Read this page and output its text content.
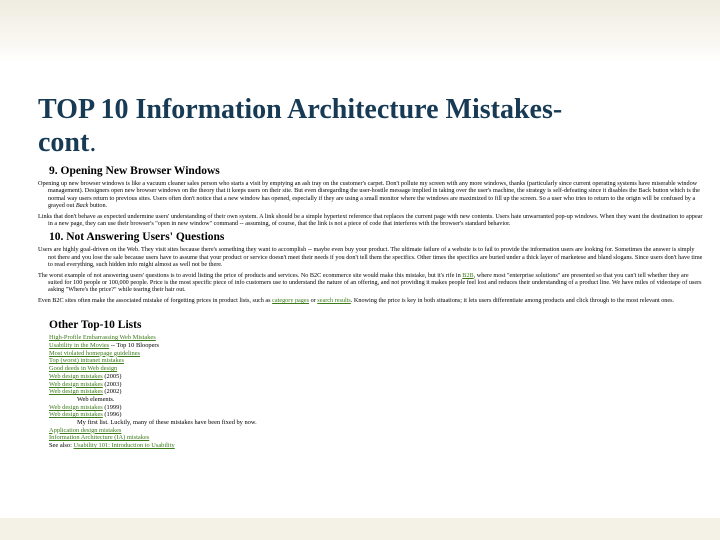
TOP 10 Information Architecture Mistakes-
cont.
9. Opening New Browser Windows

Opening up new browser windows is like a vacuum cleaner sales person who starts a visit by emptying an ash tray on the customer's carpet. Don't pollute my screen with any more windows, thanks (particularly since current operating systems have miserable window management). Designers open new browser windows on the theory that it keeps users on their site. But even disregarding the user-hostile message implied in taking over the user's machine, the strategy is self-defeating since it disables the Back button which is the normal way users return to previous sites. Users often don't notice that a new window has opened, especially if they are using a small monitor where the windows are maximized to fill up the screen. So a user who tries to return to the origin will be confused by a grayed out Back button.

Links that don't behave as expected undermine users' understanding of their own system. A link should be a simple hypertext reference that replaces the current page with new contents. Users hate unwarranted pop-up windows. When they want the destination to appear in a new page, they can use their browser's "open in new window" command -- assuming, of course, that the link is not a piece of code that interferes with the browser's standard behavior.

10. Not Answering Users' Questions

Users are highly goal-driven on the Web. They visit sites because there's something they want to accomplish -- maybe even buy your product. The ultimate failure of a website is to fail to provide the information users are looking for. Sometimes the answer is simply not there and you lose the sale because users have to assume that your product or service doesn't meet their needs if you don't tell them the specifics. Other times the specifics are buried under a thick layer of marketese and bland slogans. Since users don't have time to read everything, such hidden info might almost as well not be there.

The worst example of not answering users' questions is to avoid listing the price of products and services. No B2C ecommerce site would make this mistake, but it's rife in B2B, where most "enterprise solutions" are presented so that you can't tell whether they are suited for 100 people or 100,000 people. Price is the most specific piece of info customers use to understand the nature of an offering, and not providing it makes people feel lost and reduces their understanding of a product line. We have miles of videotape of users asking "Where's the price?" while tearing their hair out.

Even B2C sites often make the associated mistake of forgetting prices in product lists, such as category pages or search results. Knowing the price is key in both situations; it lets users differentiate among products and click through to the most relevant ones.

Other Top-10 Lists
High-Profile Embarrassing Web Mistakes
Usability in the Movies -- Top 10 Bloopers
Most violated homepage guidelines
Top (worst) intranet mistakes
Good deeds in Web design
Web design mistakes (2005)
Web design mistakes (2003)
Web design mistakes (2002)
Web elements.
Web design mistakes (1999)
Web design mistakes (1996)
My first list. Luckily, many of these mistakes have been fixed by now.
Application design mistakes
Information Architecture (IA) mistakes
See also: Usability 101: Introduction to Usability
